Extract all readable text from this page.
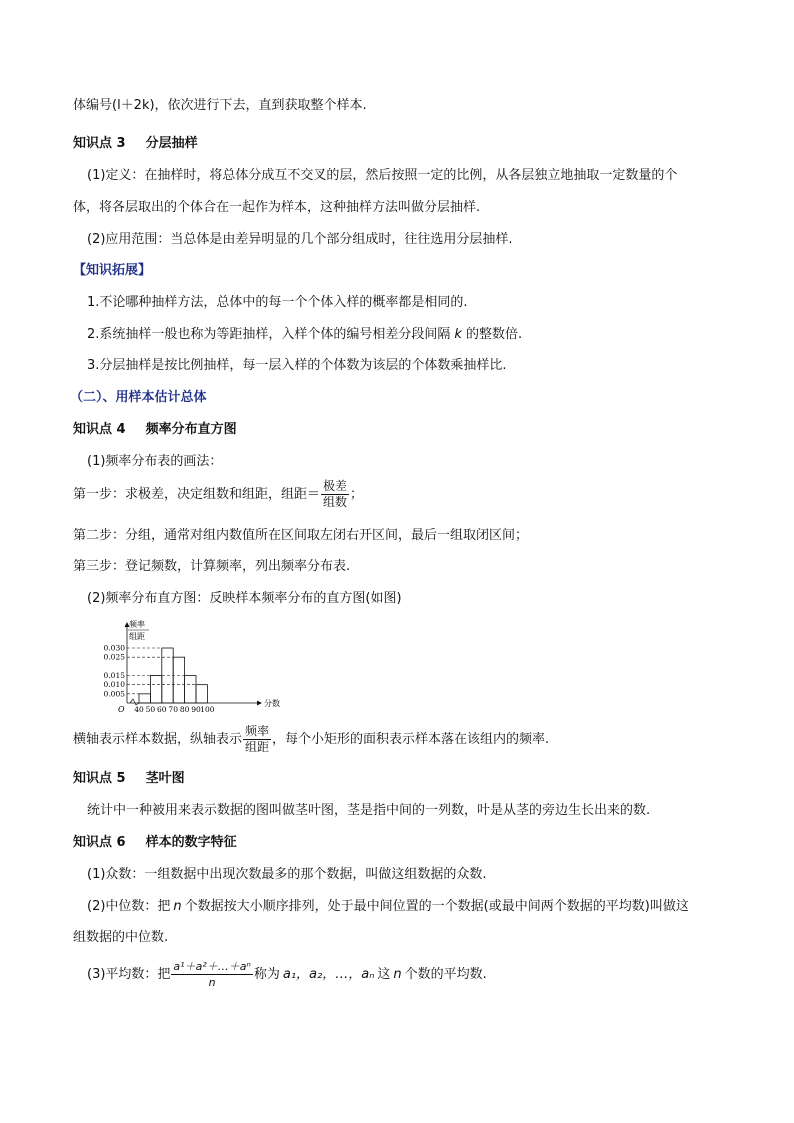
体编号(l＋2k)，依次进行下去，直到获取整个样本.
知识点 3 分层抽样
(1)定义：在抽样时，将总体分成互不交叉的层，然后按照一定的比例，从各层独立地抽取一定数量的个
体，将各层取出的个体合在一起作为样本，这种抽样方法叫做分层抽样.
(2)应用范围：当总体是由差异明显的几个部分组成时，往往选用分层抽样.
【知识拓展】
1.不论哪种抽样方法，总体中的每一个个体入样的概率都是相同的.
2.系统抽样一般也称为等距抽样，入样个体的编号相差分段间隔 k 的整数倍.
3.分层抽样是按比例抽样，每一层入样的个体数为该层的个体数乘抽样比.
（二）、用样本估计总体
知识点 4 频率分布直方图
(1)频率分布表的画法：
第一步：求极差，决定组数和组距，组距＝ $\frac{\text{极差}}{\text{组数}}$ ；
第二步：分组，通常对组内数值所在区间取左闭右开区间，最后一组取闭区间；
第三步：登记频数，计算频率，列出频率分布表.
(2)频率分布直方图：反映样本频率分布的直方图(如图)
频率
组距
分数
O
0.030
0.025
0.015
0.010
0.005
40 50 60 70 80 90 100
横轴表示样本数据，纵轴表示 $\frac{\text{频率}}{\text{组距}}$ ，每个小矩形的面积表示样本落在该组内的频率.
知识点 5 茎叶图
统计中一种被用来表示数据的图叫做茎叶图，茎是指中间的一列数，叶是从茎的旁边生长出来的数.
知识点 6 样本的数字特征
(1)众数：一组数据中出现次数最多的那个数据，叫做这组数据的众数.
(2)中位数：把 n 个数据按大小顺序排列，处于最中间位置的一个数据(或最中间两个数据的平均数)叫做这
组数据的中位数.
(3)平均数：把 $\frac{\text{a¹＋a²＋…＋aⁿ}}{n}$ 称为 a₁，a₂，…，aₙ 这 n 个数的平均数.
